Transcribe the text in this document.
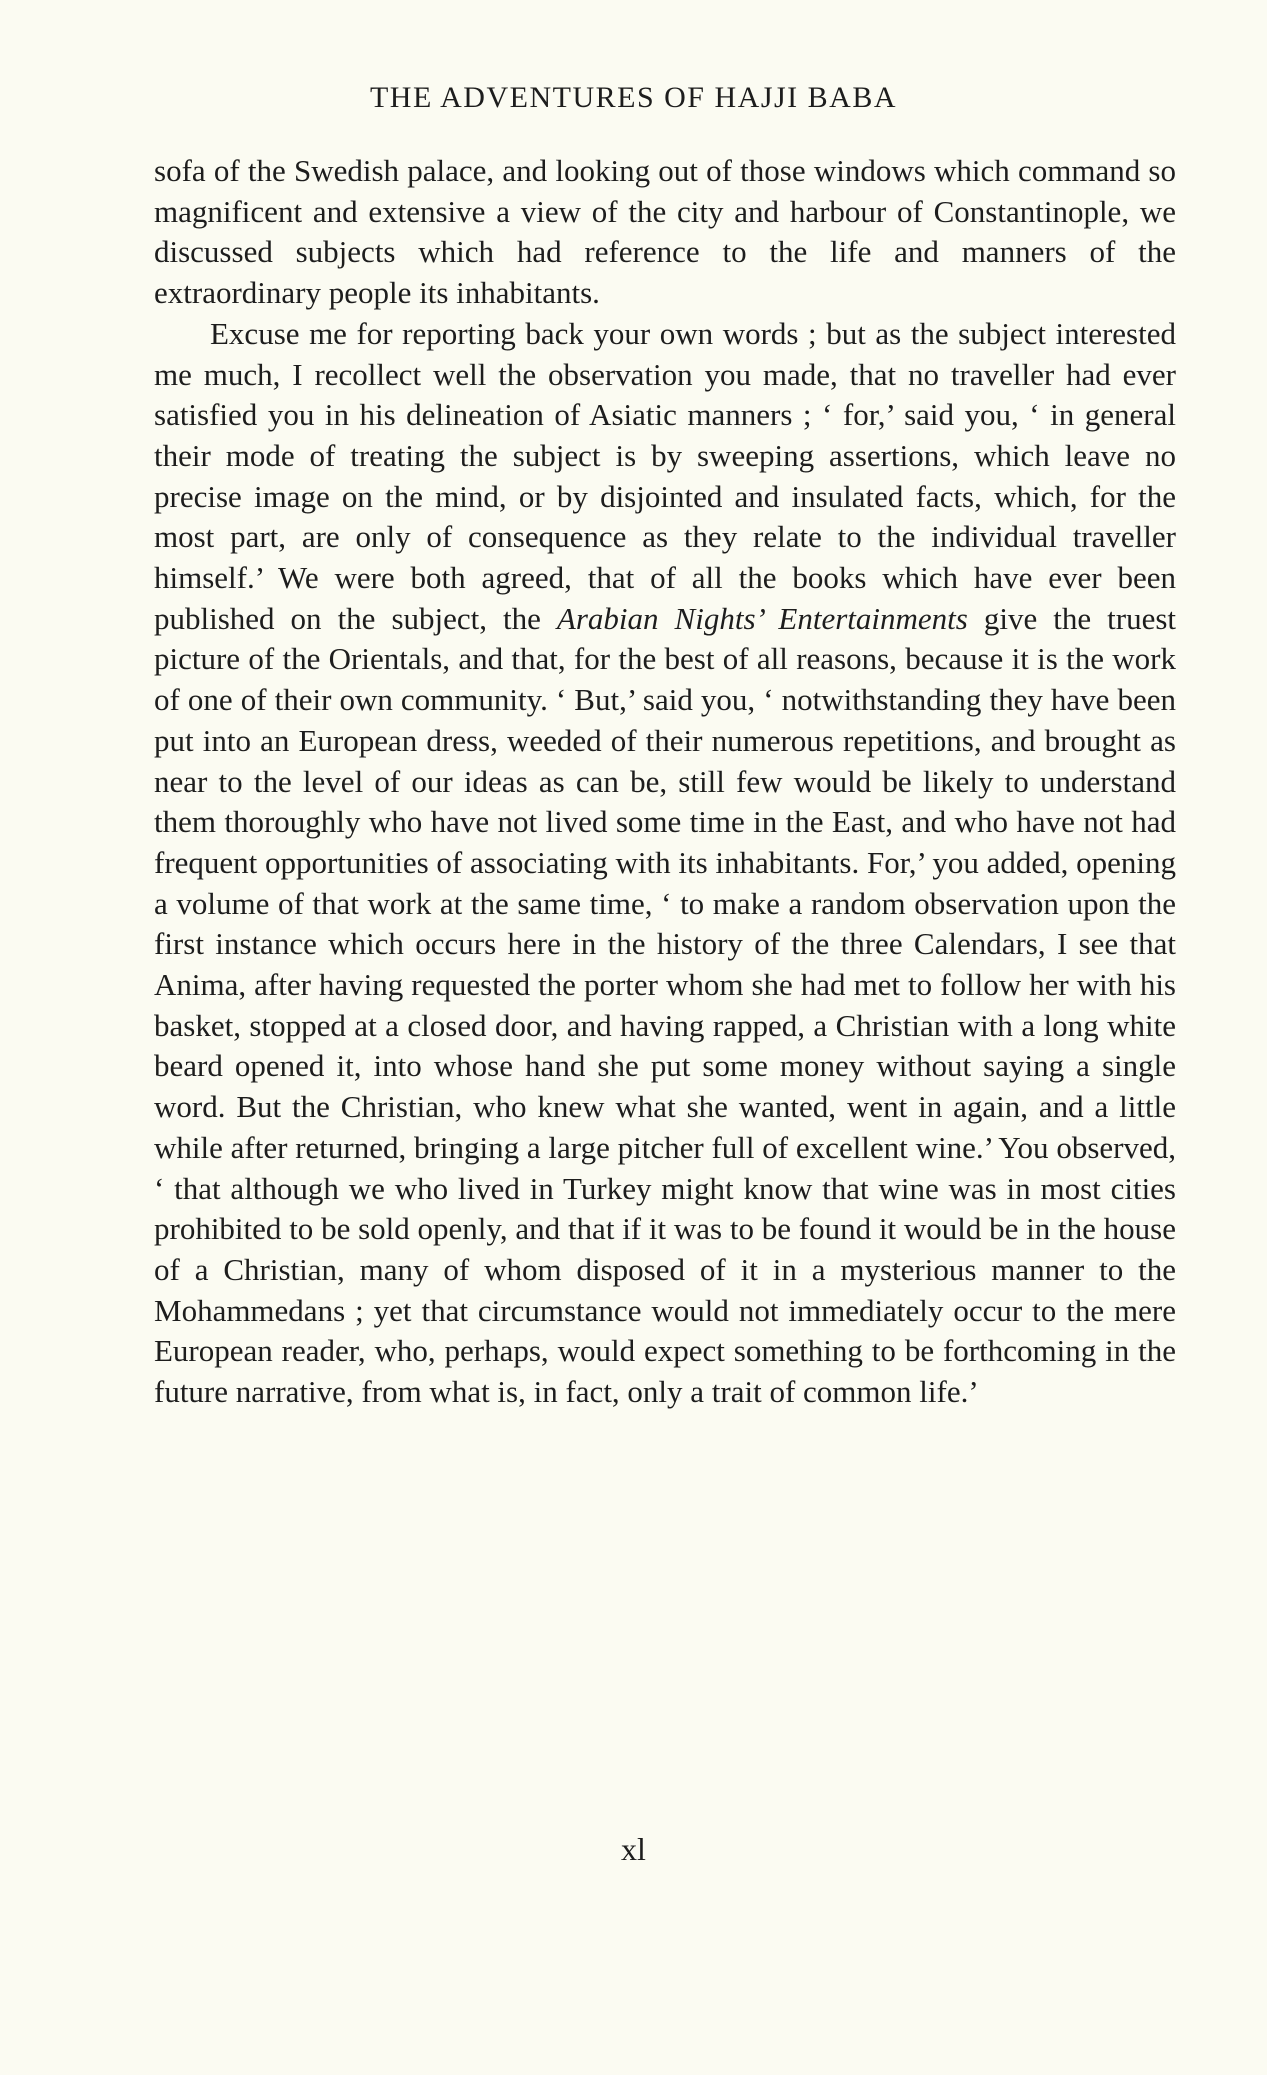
THE ADVENTURES OF HAJJI BABA

sofa of the Swedish palace, and looking out of those windows which command so magnificent and extensive a view of the city and harbour of Constantinople, we discussed subjects which had reference to the life and manners of the extraordinary people its inhabitants.

Excuse me for reporting back your own words ; but as the subject interested me much, I recollect well the observation you made, that no traveller had ever satisfied you in his delineation of Asiatic manners ; ‘ for,’ said you, ‘ in general their mode of treating the subject is by sweeping assertions, which leave no precise image on the mind, or by disjointed and insulated facts, which, for the most part, are only of consequence as they relate to the individual traveller himself.’ We were both agreed, that of all the books which have ever been published on the subject, the Arabian Nights’ Entertainments give the truest picture of the Orientals, and that, for the best of all reasons, because it is the work of one of their own community. ‘ But,’ said you, ‘ notwithstanding they have been put into an European dress, weeded of their numerous repetitions, and brought as near to the level of our ideas as can be, still few would be likely to understand them thoroughly who have not lived some time in the East, and who have not had frequent opportunities of associating with its inhabitants. For,’ you added, opening a volume of that work at the same time, ‘ to make a random observation upon the first instance which occurs here in the history of the three Calendars, I see that Anima, after having requested the porter whom she had met to follow her with his basket, stopped at a closed door, and having rapped, a Christian with a long white beard opened it, into whose hand she put some money without saying a single word. But the Christian, who knew what she wanted, went in again, and a little while after returned, bringing a large pitcher full of excellent wine.’ You observed, ‘ that although we who lived in Turkey might know that wine was in most cities prohibited to be sold openly, and that if it was to be found it would be in the house of a Christian, many of whom disposed of it in a mysterious manner to the Mohammedans ; yet that circumstance would not immediately occur to the mere European reader, who, perhaps, would expect something to be forthcoming in the future narrative, from what is, in fact, only a trait of common life.’

xl
